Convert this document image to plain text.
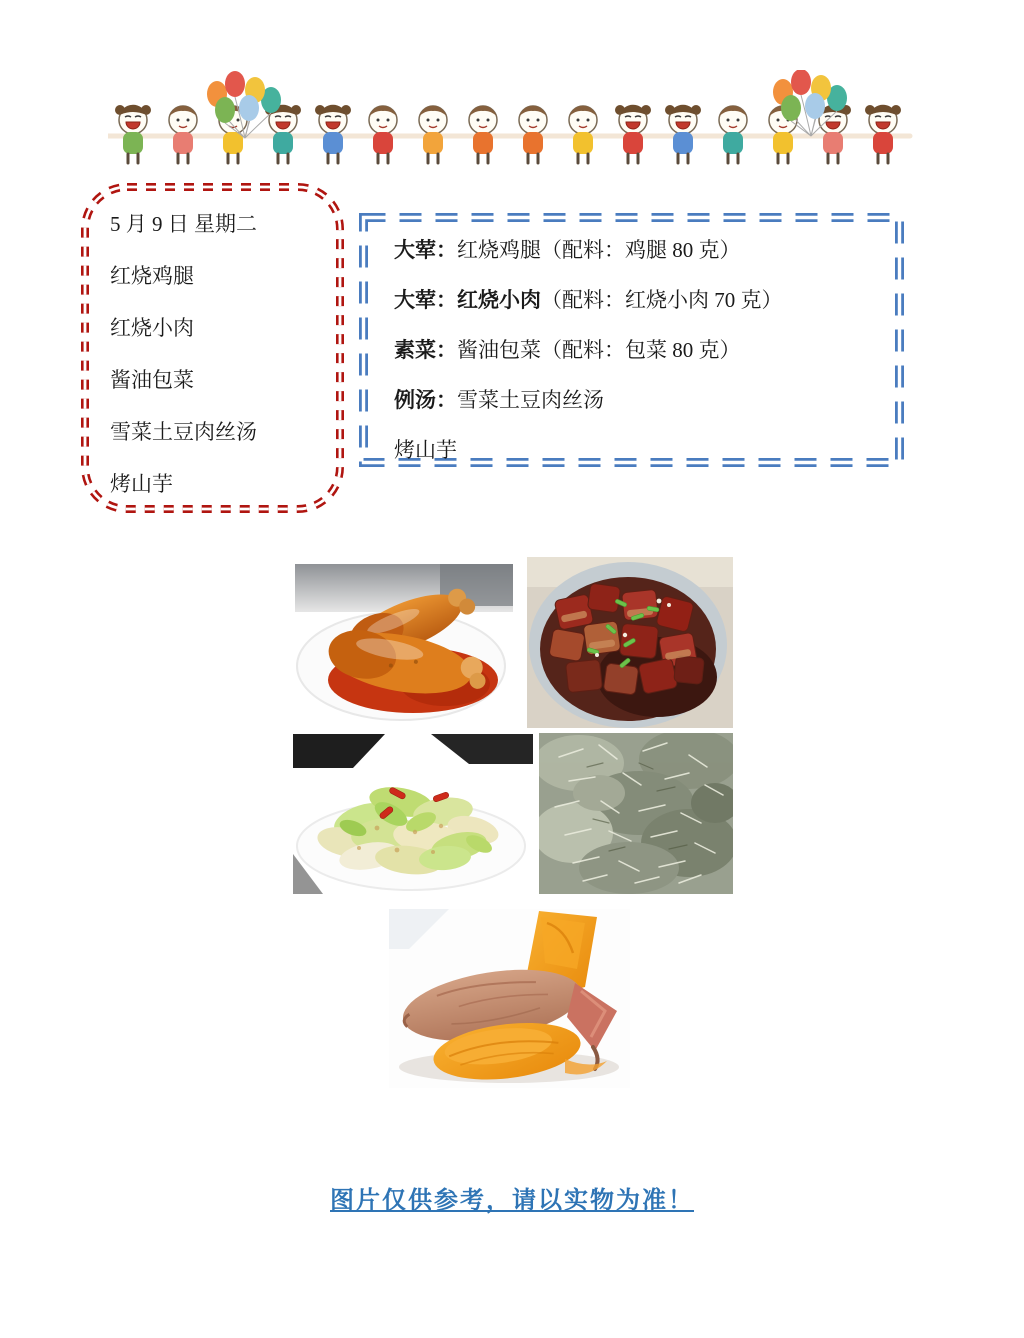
5 月 9 日 星期二

红烧鸡腿

红烧小肉

酱油包菜

雪菜土豆肉丝汤

烤山芋

大荤：红烧鸡腿（配料：鸡腿 80 克）

大荤：红烧小肉（配料：红烧小肉 70 克）

素菜：酱油包菜（配料：包菜 80 克）

例汤：雪菜土豆肉丝汤

烤山芋

图片仅供参考，请以实物为准！
